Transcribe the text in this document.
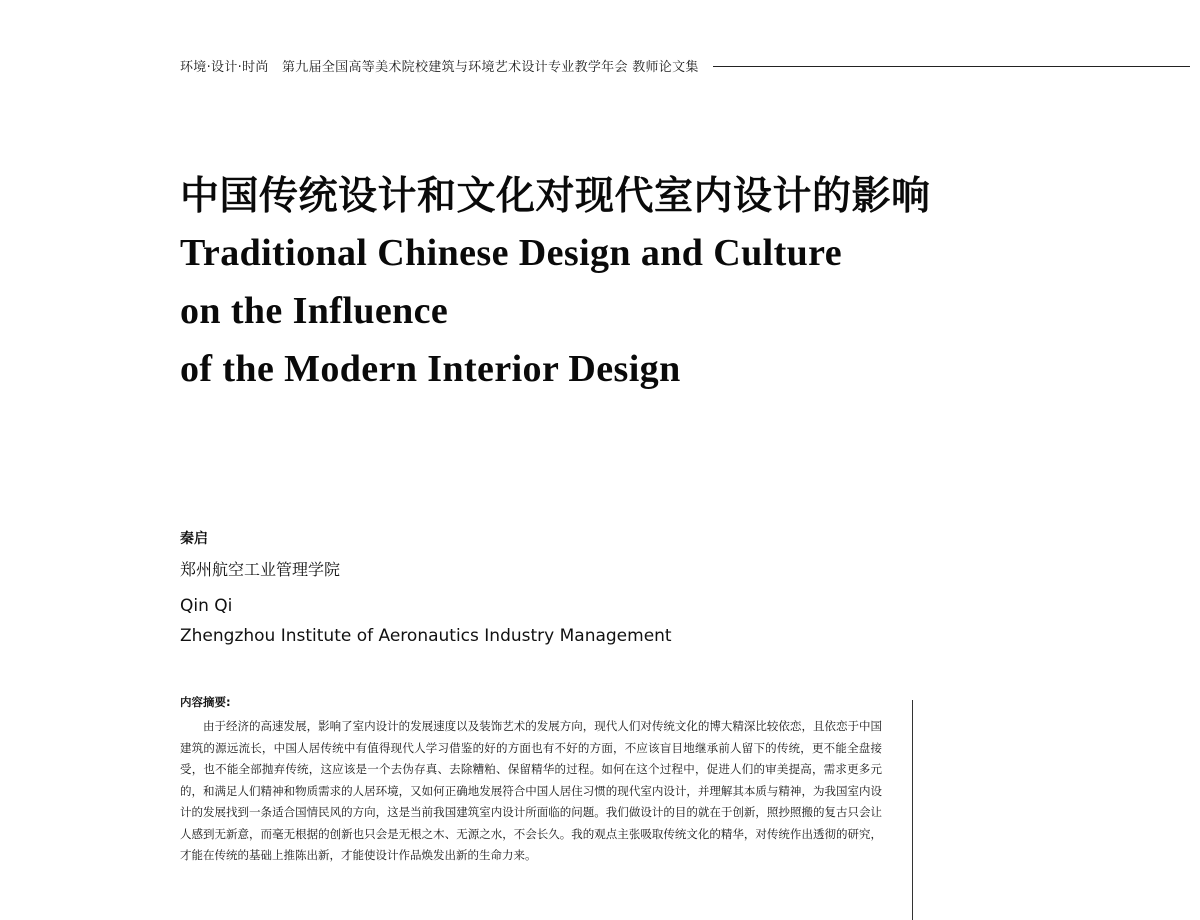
环境·设计·时尚　第九届全国高等美术院校建筑与环境艺术设计专业教学年会 教师论文集
中国传统设计和文化对现代室内设计的影响
Traditional Chinese Design and Culture
on the Influence
of the Modern Interior Design
秦启
郑州航空工业管理学院
Qin Qi
Zhengzhou Institute of Aeronautics Industry Management
内容摘要:

由于经济的高速发展，影响了室内设计的发展速度以及装饰艺术的发展方向，现代人们对传统文化的博大精深比较依恋，且依恋于中国建筑的源远流长，中国人居传统中有值得现代人学习借鉴的好的方面也有不好的方面，不应该盲目地继承前人留下的传统，更不能全盘接受，也不能全部抛弃传统，这应该是一个去伪存真、去除糟粕、保留精华的过程。如何在这个过程中，促进人们的审美提高，需求更多元的，和满足人们精神和物质需求的人居环境，又如何正确地发展符合中国人居住习惯的现代室内设计，并理解其本质与精神，为我国室内设计的发展找到一条适合国情民风的方向，这是当前我国建筑室内设计所面临的问题。我们做设计的目的就在于创新，照抄照搬的复古只会让人感到无新意，而毫无根据的创新也只会是无根之木、无源之水，不会长久。我的观点主张吸取传统文化的精华，对传统作出透彻的研究，才能在传统的基础上推陈出新，才能使设计作品焕发出新的生命力来。
